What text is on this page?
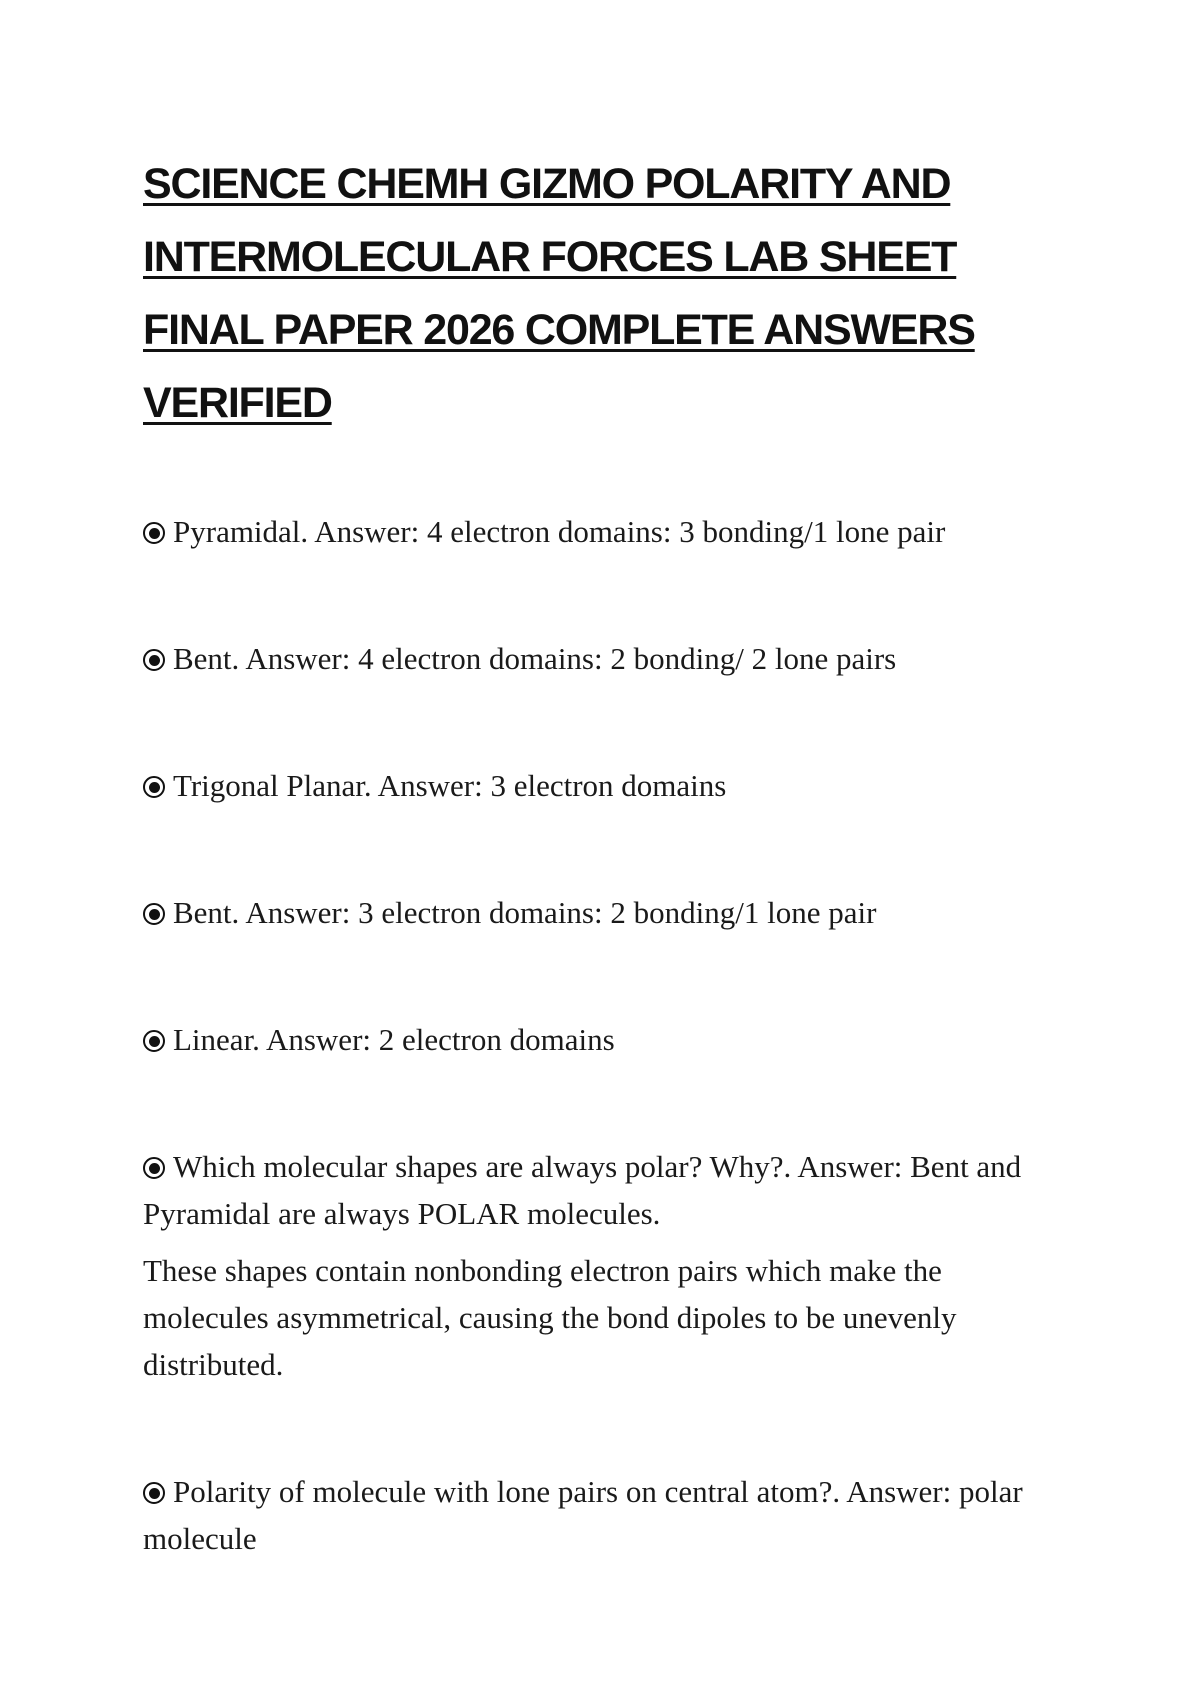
SCIENCE CHEMH GIZMO POLARITY AND INTERMOLECULAR FORCES LAB SHEET FINAL PAPER 2026 COMPLETE ANSWERS VERIFIED
Pyramidal. Answer: 4 electron domains: 3 bonding/1 lone pair
Bent. Answer: 4 electron domains: 2 bonding/ 2 lone pairs
Trigonal Planar. Answer: 3 electron domains
Bent. Answer: 3 electron domains: 2 bonding/1 lone pair
Linear. Answer: 2 electron domains
Which molecular shapes are always polar? Why?. Answer: Bent and Pyramidal are always POLAR molecules.

These shapes contain nonbonding electron pairs which make the molecules asymmetrical, causing the bond dipoles to be unevenly distributed.

Polarity of molecule with lone pairs on central atom?. Answer: polar molecule
